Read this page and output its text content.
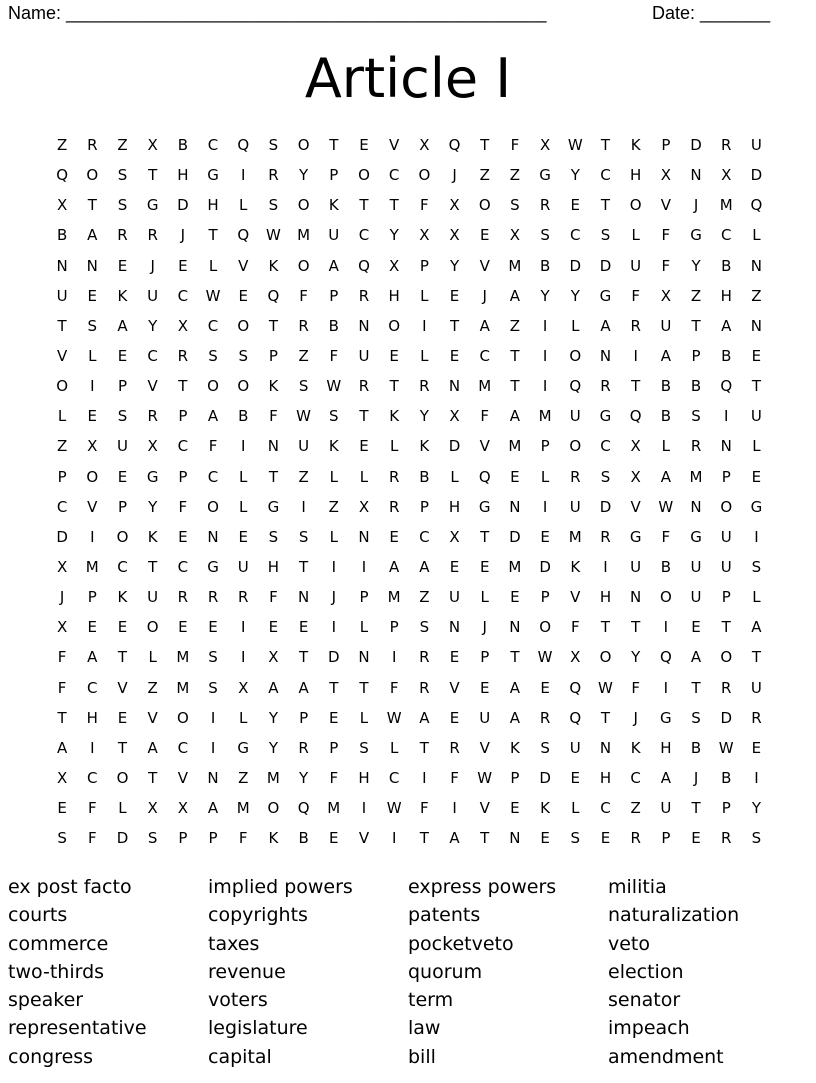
Name: ________________________________________________	Date: _______
Article I
Z	R	Z	X	B	C	Q	S	O	T	E	V	X	Q	T	F	X	W	T	K	P	D	R	U
Q	O	S	T	H	G	I	R	Y	P	O	C	O	J	Z	Z	G	Y	C	H	X	N	X	D
X	T	S	G	D	H	L	S	O	K	T	T	F	X	O	S	R	E	T	O	V	J	M	Q
B	A	R	R	J	T	Q	W	M	U	C	Y	X	X	E	X	S	C	S	L	F	G	C	L
N	N	E	J	E	L	V	K	O	A	Q	X	P	Y	V	M	B	D	D	U	F	Y	B	N
U	E	K	U	C	W	E	Q	F	P	R	H	L	E	J	A	Y	Y	G	F	X	Z	H	Z
T	S	A	Y	X	C	O	T	R	B	N	O	I	T	A	Z	I	L	A	R	U	T	A	N
V	L	E	C	R	S	S	P	Z	F	U	E	L	E	C	T	I	O	N	I	A	P	B	E
O	I	P	V	T	O	O	K	S	W	R	T	R	N	M	T	I	Q	R	T	B	B	Q	T
L	E	S	R	P	A	B	F	W	S	T	K	Y	X	F	A	M	U	G	Q	B	S	I	U
Z	X	U	X	C	F	I	N	U	K	E	L	K	D	V	M	P	O	C	X	L	R	N	L
P	O	E	G	P	C	L	T	Z	L	L	R	B	L	Q	E	L	R	S	X	A	M	P	E
C	V	P	Y	F	O	L	G	I	Z	X	R	P	H	G	N	I	U	D	V	W	N	O	G
D	I	O	K	E	N	E	S	S	L	N	E	C	X	T	D	E	M	R	G	F	G	U	I
X	M	C	T	C	G	U	H	T	I	I	A	A	E	E	M	D	K	I	U	B	U	U	S
J	P	K	U	R	R	R	F	N	J	P	M	Z	U	L	E	P	V	H	N	O	U	P	L
X	E	E	O	E	E	I	E	E	I	L	P	S	N	J	N	O	F	T	T	I	E	T	A
F	A	T	L	M	S	I	X	T	D	N	I	R	E	P	T	W	X	O	Y	Q	A	O	T
F	C	V	Z	M	S	X	A	A	T	T	F	R	V	E	A	E	Q	W	F	I	T	R	U
T	H	E	V	O	I	L	Y	P	E	L	W	A	E	U	A	R	Q	T	J	G	S	D	R
A	I	T	A	C	I	G	Y	R	P	S	L	T	R	V	K	S	U	N	K	H	B	W	E
X	C	O	T	V	N	Z	M	Y	F	H	C	I	F	W	P	D	E	H	C	A	J	B	I
E	F	L	X	X	A	M	O	Q	M	I	W	F	I	V	E	K	L	C	Z	U	T	P	Y
S	F	D	S	P	P	F	K	B	E	V	I	T	A	T	N	E	S	E	R	P	E	R	S
ex post facto	implied powers	express powers	militia
courts	copyrights	patents	naturalization
commerce	taxes	pocketveto	veto
two-thirds	revenue	quorum	election
speaker	voters	term	senator
representative	legislature	law	impeach
congress	capital	bill	amendment
